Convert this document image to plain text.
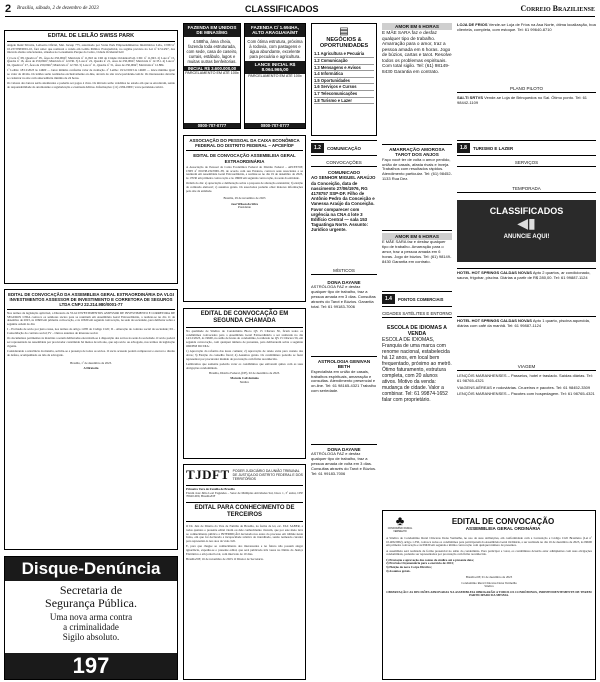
2 Brasília, sábado, 2 de dezembro de 2023	CLASSIFICADOS	Correio Braziliense
EDITAL DE LEILÃO SWISS PARK

Angelo Renê Silveira, Leiloeiro Oficial, Mat. Jucesp 775, autorizado por Swiss Park Empreendimentos Imobiliários Ltda., CNPJ nº 10.237.838/0001-10, fará saber que realizará a venda em Leilão Público Extrajudicial, no regime previsto na Lei nº 9.514/97, dos imóveis abaixo relacionados, situados no Loteamento Parque do Cedro, Cidade Ocidental/GO:

1) Lote nº 08, Quadra nº 05, Área de 250,00m²; Matrícula nº 11.843 do CRI de Cidade Ocidental/GO. CDC nº 11.843. 2) Lote nº 15, Quadra nº 16, Área de 250,00m²; Matrícula nº 12.036. 3) Lote nº 22, Quadra nº 21, Área de 250,00m²; Matrícula nº 12.351. 4) Lote nº 04, Quadra nº 27, Área de 250,00m²; Matrícula nº 12.702. 5) Lote nº 11, Quadra nº 31, Área de 250,00m²; Matrícula nº 12.884.

1º Leilão: 18/12/2023 às 14h00 — lance mínimo conforme valor de avaliação. 2º Leilão: 19/12/2023 às 14h00 — lance mínimo igual ao valor da dívida. Os leilões serão realizados exclusivamente on-line, através do site www.portalzuk.com.br. Os interessados deverão se cadastrar no site com antecedência mínima de 24 horas.

Os valores dos lances serão atualizados e poderão ser pagos à vista. Os imóveis serão vendidos no estado em que se encontram, sendo de responsabilidade do arrematante a regularização e eventuais débitos. Informações: (11) 2184-0900 | www.portalzuk.com.br.

EDITAL DE CONVOCAÇÃO DA ASSEMBLEIA GERAL EXTRAORDINÁRIA DA VLGI INVESTIMENTOS ASSESSOR DE INVESTIMENTO E CORRETORA DE SEGUROS LTDA CNPJ 22.214.980/0001-77

Nos termos da legislação aplicável, a Diretoria da VLGI INVESTIMENTOS ASSESSOR DE INVESTIMENTO E CORRETORA DE SEGUROS LTDA convoca os senhores sócios para se reunirem em Assembleia Geral Extraordinária, a realizar-se no dia 11 de dezembro de 2023, às 10h00 em primeira convocação, e às 10h30 em segunda convocação, na sede da sociedade, para deliberar sobre a seguinte ordem do dia:

I – Exclusão de sócio por justa causa, nos termos do artigo 1.085 do Código Civil; II – Alteração do contrato social da sociedade; III – Consolidação do contrato social; IV – Outros assuntos de interesse social.

Os documentos pertinentes às matérias a serem deliberadas encontram-se à disposição dos sócios na sede da sociedade. O sócio poderá ser representado na Assembleia por procurador constituído há menos de um ano, que seja sócio ou advogado, nos termos da legislação vigente.

Considerando a relevância da matéria, solicita-se a presença de todos os sócios. O sócio acusado poderá comparecer e exercer o direito de defesa, acompanhado ou não de advogado.

Brasília, 1º de dezembro de 2023.

A Diretoria

Disque-Denúncia
Secretaria de
Segurança Pública.
Uma nova arma contra
a criminalidade
Sigilo absoluto.
197
FAZENDA EM UNIDOS DE MINAS/MG
4.588ha, área cheia, fazenda toda estruturada, com sede, casa de caseiro, currais, estábulo, lagos e muitas outras benfeitorias.
INICIAL R$ 3.600.000,00
PARCELAMENTO EM ATÉ 100x
0800-707-0777
FAZENDA C/ 1.694HA, ALTO ARAGUAIA/MT
Com ótima estrutura, próxima à rodovia, com pastagens e água abundante, excelente para pecuária e agricultura.
LANCE INICIAL R$ 8.064.965,00
PARCELAMENTO EM ATÉ 100x
0800-707-0777
ASSOCIAÇÃO DO PESSOAL DA CAIXA ECONÔMICA FEDERAL DO DISTRITO FEDERAL – APCEF/DF
EDITAL DE CONVOCAÇÃO ASSEMBLEIA GERAL EXTRAORDINÁRIA

A Associação do Pessoal da Caixa Econômica Federal do Distrito Federal – APCEF/DF, CNPJ nº 00.038.232/0001-38, de acordo com seu Estatuto, convoca seus associados a se reunirem em Assembleia Geral Extraordinária, a realizar-se no dia 19 de dezembro de 2023, às 17h30 em primeira convocação e às 18h00 em segunda convocação, na sede da entidade.

Ordem do dia: a) apreciação e deliberação sobre a proposta de alteração estatutária; b) eleição da comissão eleitoral; c) assuntos gerais. Os associados poderão obter maiores informações pelo site da entidade.

Brasília, 29 de novembro de 2023

José Wilson da Silva

Presidente

EDITAL DE CONVOCAÇÃO EM SEGUNDA CHAMADA

Na qualidade de Síndico do Condomínio Bloco QS 15 Chácara 56, ficam todos os condôminos convocados para a Assembleia Geral Extraordinária a ser realizada no dia 14/12/2023, às 19h00, no salão de festas do condomínio, localizado no QS 15 Chácara 56, em segunda convocação, com qualquer número de presentes, para deliberarem sobre a seguinte ORDEM DO DIA:

1) Aprovação da reforma das áreas comuns; 2) Aprovação de rateio extra para custeio das obras; 3) Eleição do conselho fiscal; 4) Assuntos gerais. Os condôminos poderão se fazer representar por procurador munido de procuração com firma reconhecida.

Lembramos que somente poderão votar os condôminos que estiverem quites com as suas obrigações condominiais.

Brasília, Distrito Federal, (DF), 02 de dezembro de 2023.

Marcelo Cali Antônio

Síndico

TJDFT PODER JUDICIÁRIO DA UNIÃO TRIBUNAL DE JUSTIÇA DO DISTRITO FEDERAL E DOS TERRITÓRIOS

Primeira Vara de Família de Brasília

Fórum José Júlio Leal Fagundes – Setor de Múltiplas Atividades Sul, bloco 1, 3º andar, CEP 70620-000, Brasília/DF

EDITAL PARA CONHECIMENTO DE TERCEIROS

O Dr. Juiz de Direito da Vara de Família de Brasília, na forma da lei, etc. FAZ SABER, a todos quantos o presente edital virem ou dele conhecimento tiverem, que por este meio leva ao conhecimento público a INTERDIÇÃO decretada nos autos do processo em trâmite neste Juízo, em que foi declarada a incapacidade relativa do interditado, sendo nomeado curador para representá-lo nos atos da vida civil.

E, para que chegue ao conhecimento dos interessados e no futuro não possam alegar ignorância, expediu-se o presente edital, que será publicado três vezes no Diário da Justiça Eletrônico e em jornal local, com intervalo de 10 dias.

Brasília/DF, 16 de novembro de 2023. O Diretor de Secretaria.

▤
NEGÓCIOS & OPORTUNIDADES
1.1 Agricultura e Pecuária
1.2 Comunicação
1.3 Mensagens e Avisos
1.4 Informática
1.5 Oportunidades
1.6 Serviços e Cursos
1.7 Telecomunicações
1.8 Turismo e Lazer
1.2	COMUNICAÇÃO
CONVOCAÇÕES
COMUNICADO
AO SENHOR MIGUEL ARAÚJO da Conceição, data de nascimento 27/06/1976, RG 4178757 SSP-DF. Filho de Antônio Pedro da Conceição e Vanessa Araújo da Conceição. Favor comparecer com urgência na CNA 4 lote 3 Edifício Central — sala 153 Taguatinga Norte. Assunto: Jurídico urgente.
MÍSTICOS
DONA DAYANE
ASTRÓLOGA FAZ e desfaz qualquer tipo de trabalho, traz a pessoa amada em 3 dias. Consultas através do Tarot e Búzios. Garantia total. Tel: 61 99183-7006
ASTROLOGIA GENIVAN BETH
Especialista em união de casais, trabalhos espirituais, amarração e consultas. Atendimento presencial e on-line. Tel: 61 98165-4321 Trabalho com seriedade.
DONA DAYANE
ASTRÓLOGA FAZ e desfaz qualquer tipo de trabalho, traz a pessoa amada de volta em 3 dias. Consultas através do Tarot e Búzios. Tel: 61 99183-7006
AMOR EM 6 HORAS
E MÃE SARA faz e desfaz qualquer tipo de trabalho. Amarração para o amor, traz a pessoa amada em 6 horas. Jogo de búzios, cartas e tarot. Resolve todos os problemas espirituais. Com total sigilo. Tel: (61) 98149-8430 Garantia em contrato.
AMARRAÇÃO AMOROSA TAROT DOS ANJOS
Faço você ter de volta o amor perdido, união de casais, afasta rivais e inveja. Trabalhos com resultados rápidos. Atendimento particular. Tel: (61) 98452-1133 Rua Dez.
AMOR EM 6 HORAS
E MÃE SARA faz e desfaz qualquer tipo de trabalho. Amarração para o amor, traz a pessoa amada em 6 horas. Jogo de búzios. Tel: (61) 98149-8430 Garantia em contrato.
1.4	PONTOS COMERCIAIS
CIDADES SATÉLITES E ENTORNO
ESCOLA DE IDIOMAS A VENDA
ESCOLA DE IDIOMAS, Franquia de uma marca com renome nacional, estabelecida há 12 anos, em local bem frequentado, próximo ao metrô. Ótimo faturamento, estrutura completa, com 20 alunos ativos. Motivo da venda: mudança de cidade. Valor a combinar. Tel: 61 99874-1652 falar com proprietário.
LOJA DE FRIOS Vende-se Loja de Frios na Asa Norte, ótima localização, boa clientela, completa, com estoque. Tel: 61 99640-8710
PLANO PILOTO
SAI-TI SRTVS Vende-se Loja de Brinquedos no Sai. Ótimo ponto. Tel: 61 98442-1109
1.8	TURISMO E LAZER
SERVIÇOS
TEMPORADA
CLASSIFICADOS
◀▮
ANUNCIE AQUI!
HOTEL HOT SPRINGS CALDAS NOVAS Apto 2 quartos, ar condicionado, sauna, frigobar, piscina. Diárias a partir de R$ 280,00. Tel: 61 99887-1124
HOTEL HOT SPRINGS CALDAS NOVAS Apto 1 quarto, piscina aquecida, diárias com café da manhã. Tel: 61 99887-1124
VIAGEM
LENÇÓIS MARANHENSES – Passeios, hotel e traslado. Saídas diárias. Tel: 61 98765-4321
VIAGENS AÉREAS e rodoviárias. Cruzeiros e pacotes. Tel: 61 98452-3309
LENÇÓIS MARANHENSES – Pacotes com hospedagem. Tel: 61 98765-4321
♣
CONDOMÍNIO RURAL VERMELHO
EDITAL DE CONVOCAÇÃO
ASSEMBLEIA GERAL ORDINÁRIA

A Síndica do Condomínio Rural Chácaras Dona Vermelha, no uso de suas atribuições, em conformidade com a Convenção e Código Civil Brasileiro (Lei nº 10.406/2002), artigo 1.350, convoca todos os condôminos para participarem da Assembleia Geral Ordinária, a ser realizada no dia 16 de dezembro de 2023, às 09h00 em primeira convocação e às 09h30 em segunda e última convocação com qualquer número de presentes.

A assembleia será realizada de forma presencial no salão do condomínio. Para participar e votar, os condôminos deverão estar adimplentes com suas obrigações condominiais, podendo ser representados por procuração com firma reconhecida.

1) Prestação e aprovação das contas do síndico até a presente data;
2) Previsão Orçamentária para o exercício de 2024;
3) Eleição do novo Corpo Diretivo;
4) Assuntos gerais.

Brasília-DF, 01 de dezembro de 2023

Condomínio Rural Chácaras Dona Vermelha

Síndica

OBSERVAÇÃO: AS DECISÕES APROVADAS NA ASSEMBLEIA OBRIGARÃO A TODOS OS CONDÔMINOS, INDEPENDENTEMENTE DE TEREM PARTICIPADO DA MESMA.
